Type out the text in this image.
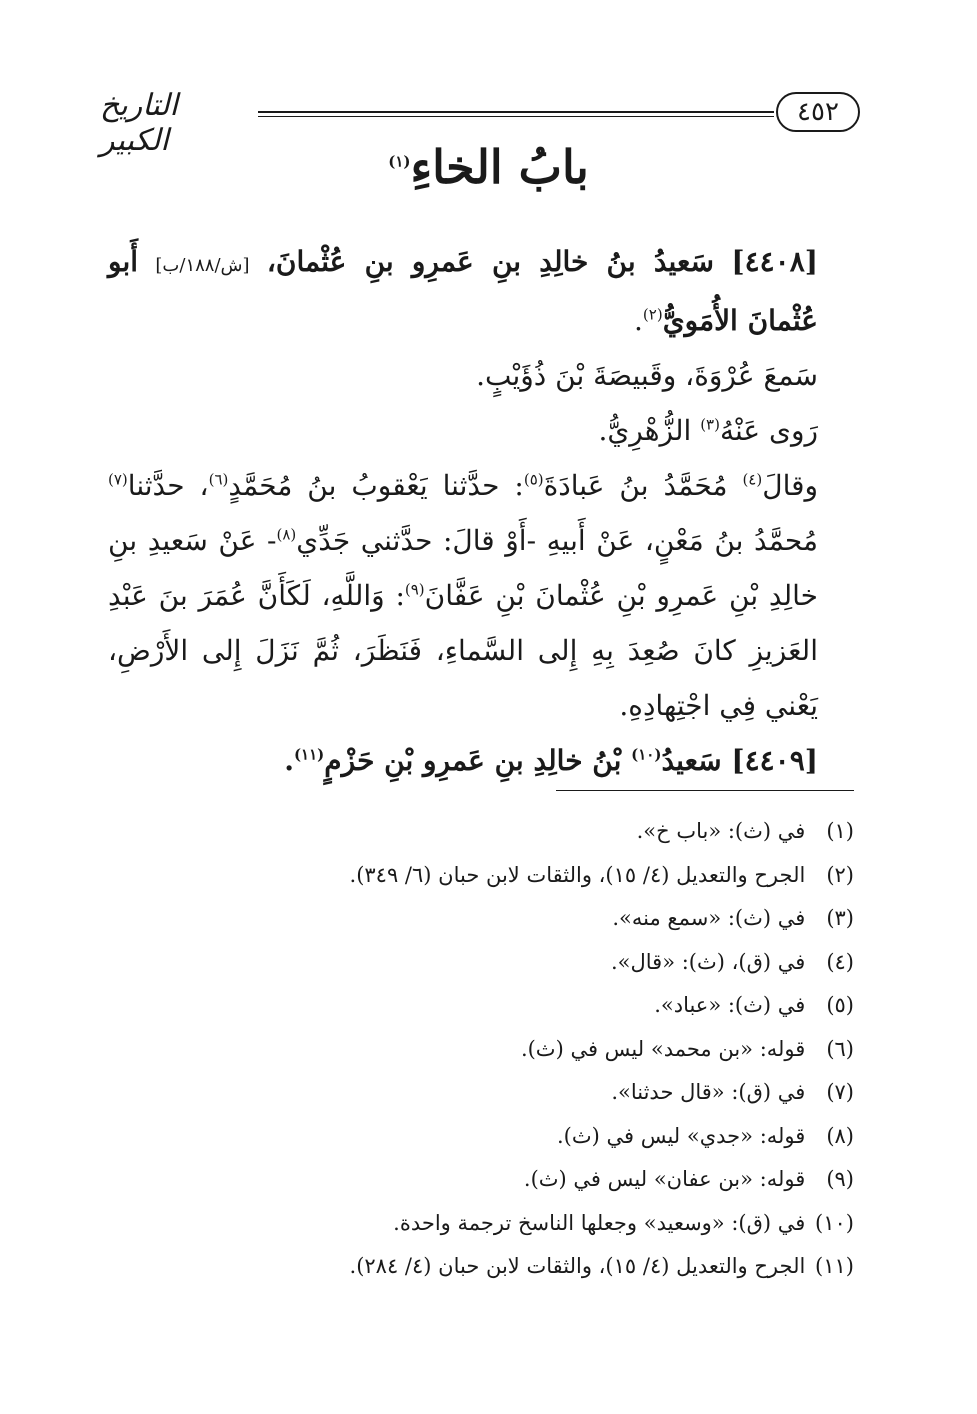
٤٥٢
التاريخ الكبير	بابُ الخاءِ$^{(١)}$

[٤٤٠٨] سَعيدُ بنُ خالِدِ بنِ عَمرِو بنِ عُثْمانَ، [ش/١٨٨/ب] أَبو عُثْمانَ الأُمَويُّ$^{(٢)}$.

سَمعَ عُرْوَةَ، وقَبيصَةَ بْنَ ذُؤَيْبٍ.

رَوى عَنْهُ$^{(٣)}$ الزُّهْرِيُّ.

وقالَ$^{(٤)}$ مُحَمَّدُ بنُ عَبادَةَ$^{(٥)}$: حدَّثنا يَعْقوبُ بنُ مُحَمَّدٍ$^{(٦)}$، حدَّثنا$^{(٧)}$ مُحمَّدُ بنُ مَعْنٍ، عَنْ أَبيهِ -أَوْ قالَ: حدَّثني جَدِّي$^{(٨)}$- عَنْ سَعيدِ بنِ خالِدِ بْنِ عَمرِو بْنِ عُثْمانَ بْنِ عَفَّانَ$^{(٩)}$: وَاللَّهِ، لَكَأَنَّ عُمَرَ بنَ عَبْدِ العَزيزِ كانَ صُعِدَ بِهِ إِلى السَّماءِ، فَنَظَرَ، ثُمَّ نَزَلَ إِلى الأَرْضِ، يَعْني فِي اجْتِهادِهِ.

[٤٤٠٩] سَعيدُ$^{(١٠)}$ بْنُ خالِدِ بنِ عَمرِو بْنِ حَزْمٍ$^{(١١)}$.

(١) في (ث): «باب خ».
(٢) الجرح والتعديل (٤/ ١٥)، والثقات لابن حبان (٦/ ٣٤٩).
(٣) في (ث): «سمع منه».
(٤) في (ق)، (ث): «قال».
(٥) في (ث): «عباد».
(٦) قوله: «بن محمد» ليس في (ث).
(٧) في (ق): «قال حدثنا».
(٨) قوله: «جدي» ليس في (ث).
(٩) قوله: «بن عفان» ليس في (ث).
(١٠) في (ق): «وسعيد» وجعلها الناسخ ترجمة واحدة.
(١١) الجرح والتعديل (٤/ ١٥)، والثقات لابن حبان (٤/ ٢٨٤).
